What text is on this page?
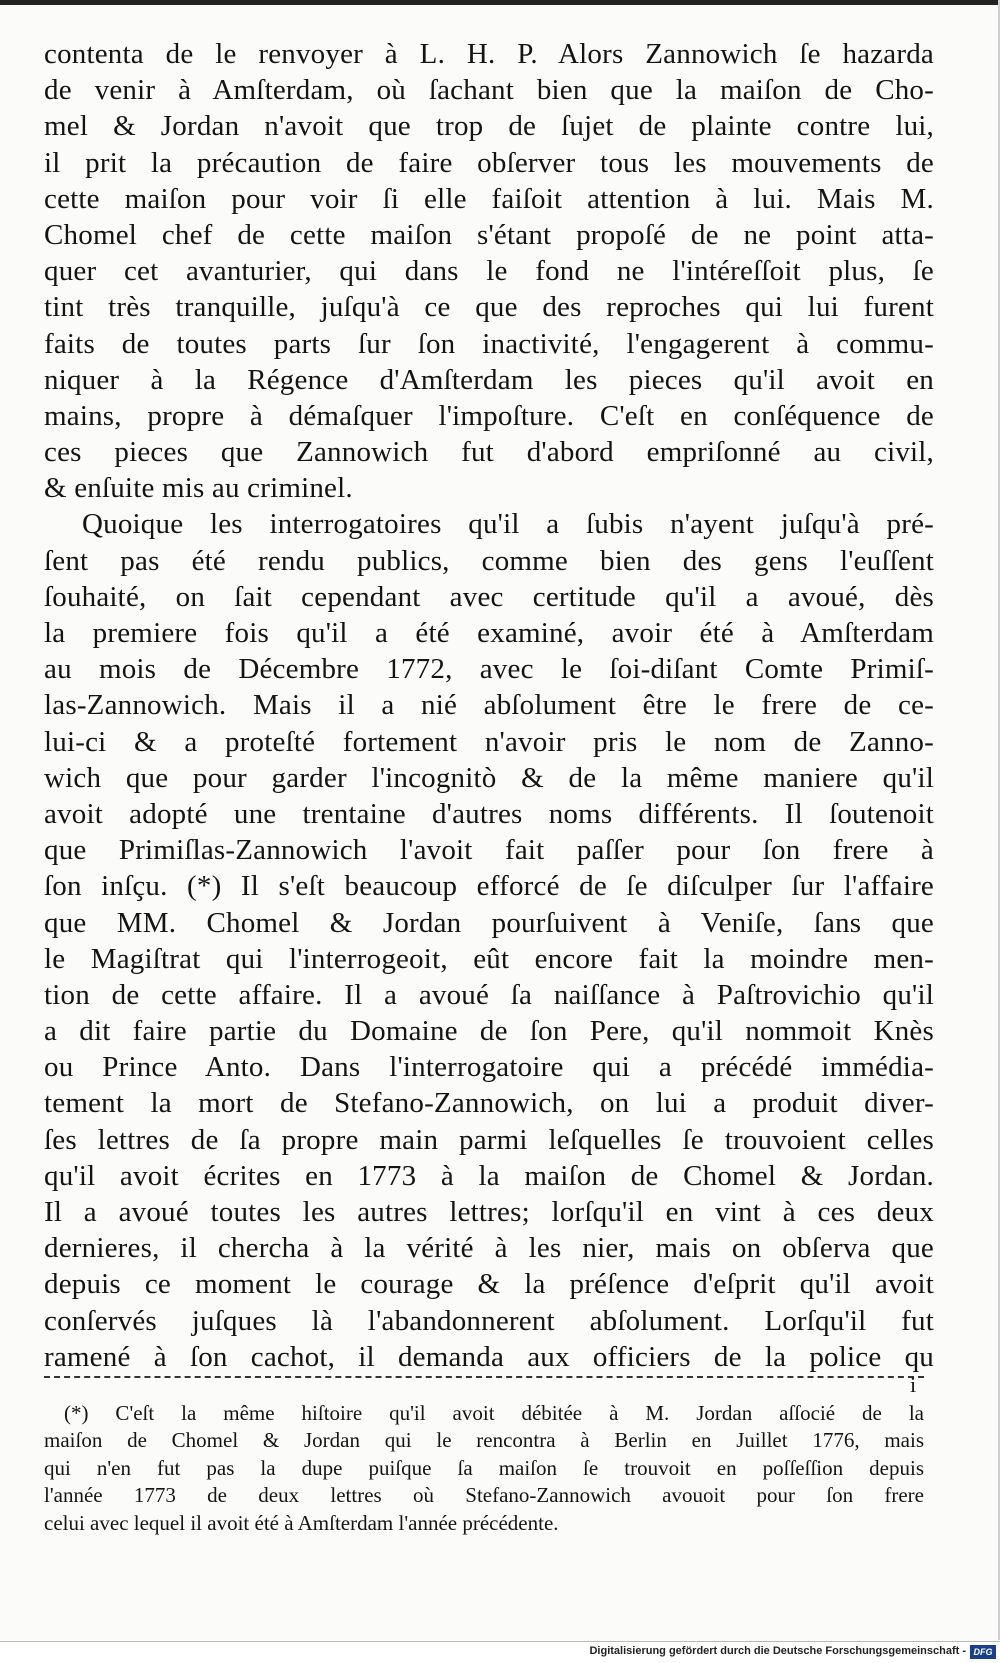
contenta de le renvoyer à L. H. P. Alors Zannowich ſe hazarda
de venir à Amſterdam, où ſachant bien que la maiſon de Cho-
mel & Jordan n'avoit que trop de ſujet de plainte contre lui,
il prit la précaution de faire obſerver tous les mouvements de
cette maiſon pour voir ſi elle faiſoit attention à lui. Mais M.
Chomel chef de cette maiſon s'étant propoſé de ne point atta-
quer cet avanturier, qui dans le fond ne l'intéreſſoit plus, ſe
tint très tranquille, juſqu'à ce que des reproches qui lui furent
faits de toutes parts ſur ſon inactivité, l'engagerent à commu-
niquer à la Régence d'Amſterdam les pieces qu'il avoit en
mains, propre à démaſquer l'impoſture. C'eſt en conſéquence de
ces pieces que Zannowich fut d'abord empriſonné au civil,
& enſuite mis au criminel.
Quoique les interrogatoires qu'il a ſubis n'ayent juſqu'à pré-
ſent pas été rendu publics, comme bien des gens l'euſſent
ſouhaité, on ſait cependant avec certitude qu'il a avoué, dès
la premiere fois qu'il a été examiné, avoir été à Amſterdam
au mois de Décembre 1772, avec le ſoi-diſant Comte Primiſ-
las-Zannowich. Mais il a nié abſolument être le frere de ce-
lui-ci & a proteſté fortement n'avoir pris le nom de Zanno-
wich que pour garder l'incognitò & de la même maniere qu'il
avoit adopté une trentaine d'autres noms différents. Il ſoutenoit
que Primiſlas-Zannowich l'avoit fait paſſer pour ſon frere à
ſon inſçu. (*) Il s'eſt beaucoup efforcé de ſe diſculper ſur l'affaire
que MM. Chomel & Jordan pourſuivent à Veniſe, ſans que
le Magiſtrat qui l'interrogeoit, eût encore fait la moindre men-
tion de cette affaire. Il a avoué ſa naiſſance à Paſtrovichio qu'il
a dit faire partie du Domaine de ſon Pere, qu'il nommoit Knès
ou Prince Anto. Dans l'interrogatoire qui a précédé immédia-
tement la mort de Stefano-Zannowich, on lui a produit diver-
ſes lettres de ſa propre main parmi leſquelles ſe trouvoient celles
qu'il avoit écrites en 1773 à la maiſon de Chomel & Jordan.
Il a avoué toutes les autres lettres; lorſqu'il en vint à ces deux
dernieres, il chercha à la vérité à les nier, mais on obſerva que
depuis ce moment le courage & la préſence d'eſprit qu'il avoit
conſervés juſques là l'abandonnerent abſolument. Lorſqu'il fut
ramené à ſon cachot, il demanda aux officiers de la police qu
i
(*) C'eſt la même hiſtoire qu'il avoit débitée à M. Jordan aſſocié de la
maiſon de Chomel & Jordan qui le rencontra à Berlin en Juillet 1776, mais
qui n'en fut pas la dupe puiſque ſa maiſon ſe trouvoit en poſſeſſion depuis
l'année 1773 de deux lettres où Stefano-Zannowich avouoit pour ſon frere
celui avec lequel il avoit été à Amſterdam l'année précédente.
Digitalisierung gefördert durch die Deutsche Forschungsgemeinschaft - DFG
